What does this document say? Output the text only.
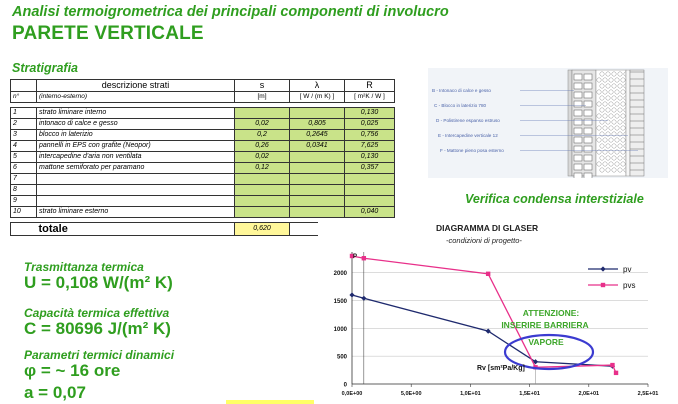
Analisi termoigrometrica dei principali componenti di involucro
PARETE VERTICALE
Stratigrafia
	descrizione strati	s	λ	R
n°	(interno-esterno)	[m]	[ W / (m K) ]	[ m²K / W ]

1	strato liminare interno			0,130
2	intonaco di calce e gesso	0,02	0,805	0,025
3	blocco in laterizio	0,2	0,2645	0,756
4	pannelli in EPS con grafite (Neopor)	0,26	0,0341	7,625
5	intercapedine d'aria non ventilata	0,02		0,130
6	mattone semiforato per paramano	0,12		0,357
7				
8				
9				
10	strato liminare esterno			0,040

	totale	0,620		
Trasmittanza termica
U = 0,108 W/(m² K)
Capacità termica effettiva
C = 80696 J/(m² K)
Parametri termici dinamici
φ = ~ 16 ore
a = 0,07
B - Intonaco di calce e gesso
C - Blocco in laterizio 780
D - Polistirene espanso estruso
E - Intercapedine verticale 12
F - Mattone pieno posa esterno
Verifica condensa interstiziale
DIAGRAMMA DI GLASER
-condizioni di progetto-
0
500
1000
1500
2000
0,0E+00	5,0E+00	1,0E+01	1,5E+01	2,0E+01	2,5E+01
ATTENZIONE:
INSERIRE BARRIERA
VAPORE
Rv [sm²Pa/Kg]
P
pv
pvs
